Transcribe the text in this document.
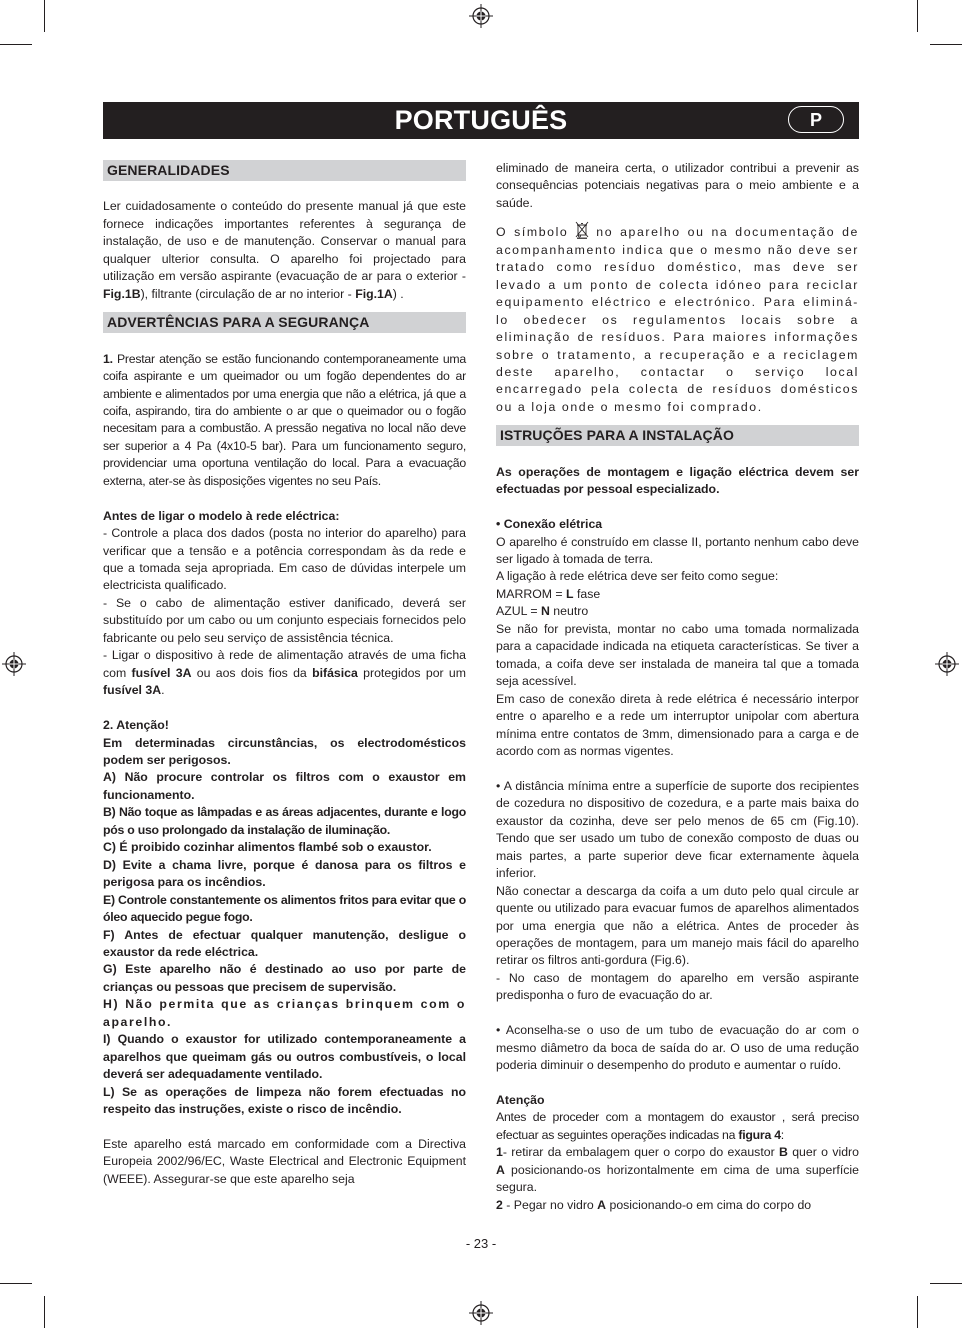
PORTUGUÊS	P
GENERALIDADES

Ler cuidadosamente o conteúdo do presente manual já que este fornece indicações importantes referentes à segurança de instalação, de uso e de manutenção. Conservar o manual para qualquer ulterior consulta. O aparelho foi projectado para utilização em versão aspirante (evacuação de ar para o exterior - Fig.1B), filtrante (circulação de ar no interior - Fig.1A) .

ADVERTÊNCIAS PARA A SEGURANÇA

1. Prestar atenção se estão funcionando contemporaneamente uma coifa aspirante e um queimador ou um fogão dependentes do ar ambiente e alimentados por uma energia que não a elétrica, já que a coifa, aspirando, tira do ambiente o ar que o queimador ou o fogão necesitam para a combustão. A pressão negativa no local não deve ser superior a 4 Pa (4x10-5 bar). Para um funcionamento seguro, providenciar uma oportuna ventilação do local. Para a evacuação externa, ater-se às disposições vigentes no seu País.

Antes de ligar o modelo à rede eléctrica:

- Controle a placa dos dados (posta no interior do aparelho) para verificar que a tensão e a potência correspondam às da rede e que a tomada seja apropriada. Em caso de dúvidas interpele um electricista qualificado.

- Se o cabo de alimentação estiver danificado, deverá ser substituído por um cabo ou um conjunto especiais fornecidos pelo fabricante ou pelo seu serviço de assistência técnica.

- Ligar o dispositivo à rede de alimentação através de uma ficha com fusível 3A ou aos dois fios da bifásica protegidos por um fusível 3A.

2. Atenção!

Em determinadas circunstâncias, os electrodomésticos podem ser perigosos.

A) Não procure controlar os filtros com o exaustor em funcionamento.

B) Não toque as lâmpadas e as áreas adjacentes, durante e logo pós o uso prolongado da instalação de iluminação.

C) É proibido cozinhar alimentos flambé sob o exaustor.

D) Evite a chama livre, porque é danosa para os filtros e perigosa para os incêndios.

E) Controle constantemente os alimentos fritos para evitar que o óleo aquecido pegue fogo.

F) Antes de efectuar qualquer manutenção, desligue o exaustor da rede eléctrica.

G) Este aparelho não é destinado ao uso por parte de crianças ou pessoas que precisem de supervisão.

H) Não permita que as crianças brinquem com o aparelho.

I) Quando o exaustor for utilizado contemporaneamente a aparelhos que queimam gás ou outros combustíveis, o local deverá ser adequadamente ventilado.

L) Se as operações de limpeza não forem efectuadas no respeito das instruções, existe o risco de incêndio.

Este aparelho está marcado em conformidade com a Directiva Europeia 2002/96/EC, Waste Electrical and Electronic Equipment (WEEE). Assegurar-se que este aparelho seja

eliminado de maneira certa, o utilizador contribui a prevenir as consequências potenciais negativas para o meio ambiente e a saúde.

O símbolo  no aparelho ou na documentação de acompanhamento indica que o mesmo não deve ser tratado como resíduo doméstico, mas deve ser levado a um ponto de colecta idóneo para reciclar equipamento eléctrico e electrónico. Para eliminá-lo obedecer os regulamentos locais sobre a eliminação de resíduos. Para maiores informações sobre o tratamento, a recuperação e a reciclagem deste aparelho, contactar o serviço local encarregado pela colecta de resíduos domésticos ou a loja onde o mesmo foi comprado.

ISTRUÇÕES PARA A INSTALAÇÃO

As operações de montagem e ligação eléctrica devem ser efectuadas por pessoal especializado.

• Conexão elétrica

O aparelho é construído em classe II, portanto nenhum cabo deve ser ligado à tomada de terra.

A ligação à rede elétrica deve ser feito como segue:

MARROM = L fase

AZUL = N neutro

Se não for prevista, montar no cabo uma tomada normalizada para a capacidade indicada na etiqueta características. Se tiver a tomada, a coifa deve ser instalada de maneira tal que a tomada seja acessível.

Em caso de conexão direta à rede elétrica é necessário interpor entre o aparelho e a rede um interruptor unipolar com abertura mínima entre contatos de 3mm, dimensionado para a carga e de acordo com as normas vigentes.

• A distância mínima entre a superfície de suporte dos recipientes de cozedura no dispositivo de cozedura, e a parte mais baixa do exaustor da cozinha, deve ser pelo menos de 65 cm (Fig.10). Tendo que ser usado um tubo de conexão composto de duas ou mais partes, a parte superior deve ficar externamente àquela inferior.

Não conectar a descarga da coifa a um duto pelo qual circule ar quente ou utilizado para evacuar fumos de aparelhos alimentados por uma energia que não a elétrica. Antes de proceder às operações de montagem, para um manejo mais fácil do aparelho retirar os filtros anti-gordura (Fig.6).

- No caso de montagem do aparelho em versão aspirante predisponha o furo de evacuação do ar.

• Aconselha-se o uso de um tubo de evacuação do ar com o mesmo diâmetro da boca de saída do ar. O uso de uma redução poderia diminuir o desempenho do produto e aumentar o ruído.

Atenção

Antes de proceder com a montagem do exaustor , será preciso efectuar as seguintes operações indicadas na figura 4:

1- retirar da embalagem quer o corpo do exaustor B quer o vidro A posicionando-os horizontalmente em cima de uma superfície segura.

2 - Pegar no vidro A posicionando-o em cima do corpo do

- 23 -
